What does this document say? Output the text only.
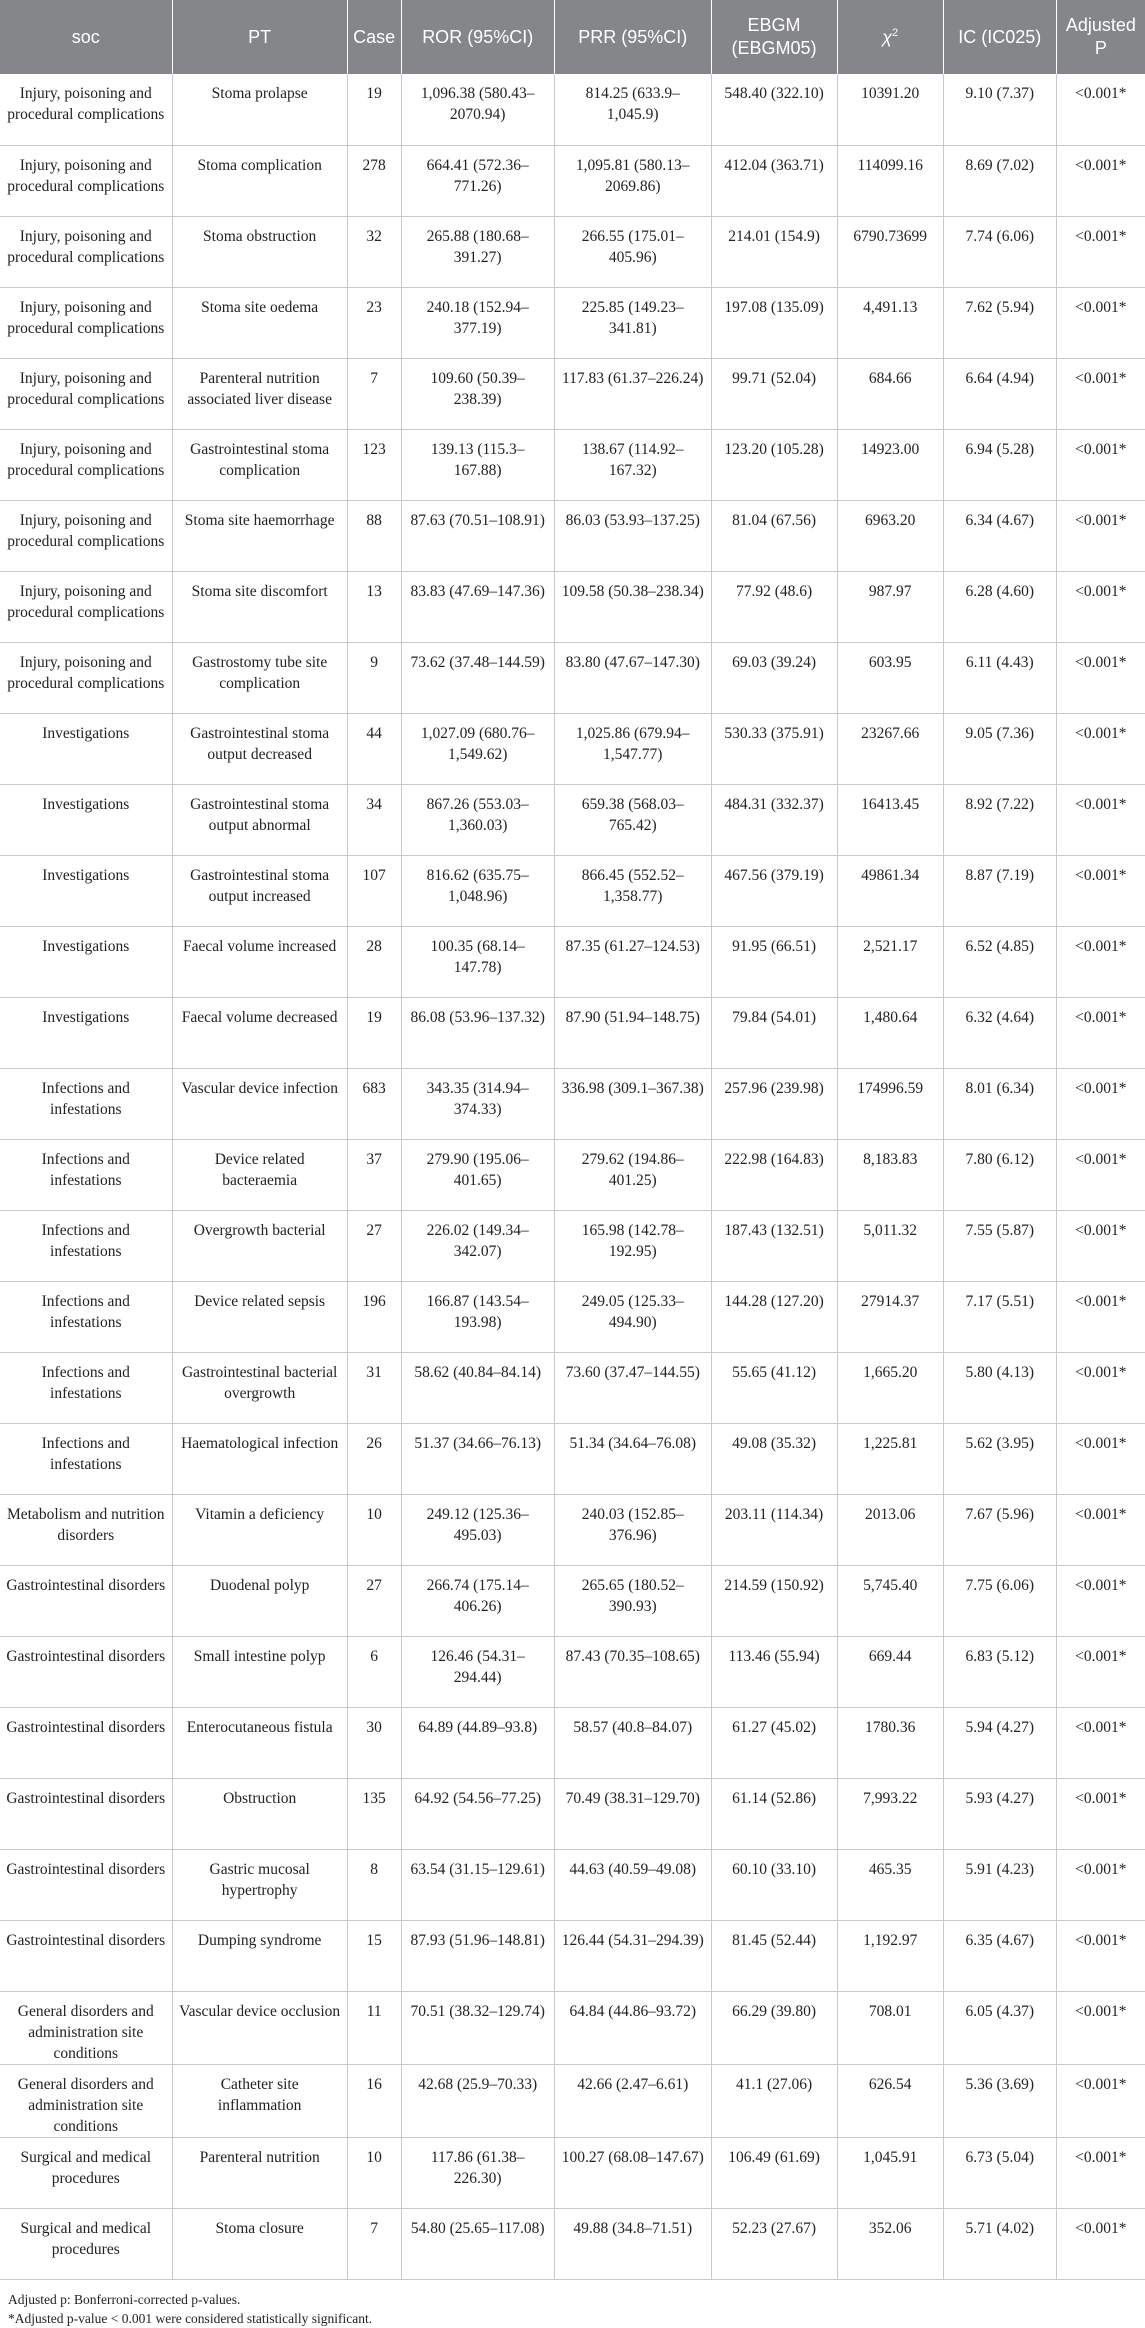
soc	PT	Case	ROR (95%CI)	PRR (95%CI)	EBGM (EBGM05)	$\chi^2$	IC (IC025)	Adjusted P
Injury, poisoning and procedural complications	Stoma prolapse	19	1,096.38 (580.43–2070.94)	814.25 (633.9–1,045.9)	548.40 (322.10)	10391.20	9.10 (7.37)	<0.001*
Injury, poisoning and procedural complications	Stoma complication	278	664.41 (572.36–771.26)	1,095.81 (580.13–2069.86)	412.04 (363.71)	114099.16	8.69 (7.02)	<0.001*
Injury, poisoning and procedural complications	Stoma obstruction	32	265.88 (180.68–391.27)	266.55 (175.01–405.96)	214.01 (154.9)	6790.73699	7.74 (6.06)	<0.001*
Injury, poisoning and procedural complications	Stoma site oedema	23	240.18 (152.94–377.19)	225.85 (149.23–341.81)	197.08 (135.09)	4,491.13	7.62 (5.94)	<0.001*
Injury, poisoning and procedural complications	Parenteral nutrition associated liver disease	7	109.60 (50.39–238.39)	117.83 (61.37–226.24)	99.71 (52.04)	684.66	6.64 (4.94)	<0.001*
Injury, poisoning and procedural complications	Gastrointestinal stoma complication	123	139.13 (115.3–167.88)	138.67 (114.92–167.32)	123.20 (105.28)	14923.00	6.94 (5.28)	<0.001*
Injury, poisoning and procedural complications	Stoma site haemorrhage	88	87.63 (70.51–108.91)	86.03 (53.93–137.25)	81.04 (67.56)	6963.20	6.34 (4.67)	<0.001*
Injury, poisoning and procedural complications	Stoma site discomfort	13	83.83 (47.69–147.36)	109.58 (50.38–238.34)	77.92 (48.6)	987.97	6.28 (4.60)	<0.001*
Injury, poisoning and procedural complications	Gastrostomy tube site complication	9	73.62 (37.48–144.59)	83.80 (47.67–147.30)	69.03 (39.24)	603.95	6.11 (4.43)	<0.001*
Investigations	Gastrointestinal stoma output decreased	44	1,027.09 (680.76–1,549.62)	1,025.86 (679.94–1,547.77)	530.33 (375.91)	23267.66	9.05 (7.36)	<0.001*
Investigations	Gastrointestinal stoma output abnormal	34	867.26 (553.03–1,360.03)	659.38 (568.03–765.42)	484.31 (332.37)	16413.45	8.92 (7.22)	<0.001*
Investigations	Gastrointestinal stoma output increased	107	816.62 (635.75–1,048.96)	866.45 (552.52–1,358.77)	467.56 (379.19)	49861.34	8.87 (7.19)	<0.001*
Investigations	Faecal volume increased	28	100.35 (68.14–147.78)	87.35 (61.27–124.53)	91.95 (66.51)	2,521.17	6.52 (4.85)	<0.001*
Investigations	Faecal volume decreased	19	86.08 (53.96–137.32)	87.90 (51.94–148.75)	79.84 (54.01)	1,480.64	6.32 (4.64)	<0.001*
Infections and infestations	Vascular device infection	683	343.35 (314.94–374.33)	336.98 (309.1–367.38)	257.96 (239.98)	174996.59	8.01 (6.34)	<0.001*
Infections and infestations	Device related bacteraemia	37	279.90 (195.06–401.65)	279.62 (194.86–401.25)	222.98 (164.83)	8,183.83	7.80 (6.12)	<0.001*
Infections and infestations	Overgrowth bacterial	27	226.02 (149.34–342.07)	165.98 (142.78–192.95)	187.43 (132.51)	5,011.32	7.55 (5.87)	<0.001*
Infections and infestations	Device related sepsis	196	166.87 (143.54–193.98)	249.05 (125.33–494.90)	144.28 (127.20)	27914.37	7.17 (5.51)	<0.001*
Infections and infestations	Gastrointestinal bacterial overgrowth	31	58.62 (40.84–84.14)	73.60 (37.47–144.55)	55.65 (41.12)	1,665.20	5.80 (4.13)	<0.001*
Infections and infestations	Haematological infection	26	51.37 (34.66–76.13)	51.34 (34.64–76.08)	49.08 (35.32)	1,225.81	5.62 (3.95)	<0.001*
Metabolism and nutrition disorders	Vitamin a deficiency	10	249.12 (125.36–495.03)	240.03 (152.85–376.96)	203.11 (114.34)	2013.06	7.67 (5.96)	<0.001*
Gastrointestinal disorders	Duodenal polyp	27	266.74 (175.14–406.26)	265.65 (180.52–390.93)	214.59 (150.92)	5,745.40	7.75 (6.06)	<0.001*
Gastrointestinal disorders	Small intestine polyp	6	126.46 (54.31–294.44)	87.43 (70.35–108.65)	113.46 (55.94)	669.44	6.83 (5.12)	<0.001*
Gastrointestinal disorders	Enterocutaneous fistula	30	64.89 (44.89–93.8)	58.57 (40.8–84.07)	61.27 (45.02)	1780.36	5.94 (4.27)	<0.001*
Gastrointestinal disorders	Obstruction	135	64.92 (54.56–77.25)	70.49 (38.31–129.70)	61.14 (52.86)	7,993.22	5.93 (4.27)	<0.001*
Gastrointestinal disorders	Gastric mucosal hypertrophy	8	63.54 (31.15–129.61)	44.63 (40.59–49.08)	60.10 (33.10)	465.35	5.91 (4.23)	<0.001*
Gastrointestinal disorders	Dumping syndrome	15	87.93 (51.96–148.81)	126.44 (54.31–294.39)	81.45 (52.44)	1,192.97	6.35 (4.67)	<0.001*
General disorders and administration site conditions	Vascular device occlusion	11	70.51 (38.32–129.74)	64.84 (44.86–93.72)	66.29 (39.80)	708.01	6.05 (4.37)	<0.001*
General disorders and administration site conditions	Catheter site inflammation	16	42.68 (25.9–70.33)	42.66 (2.47–6.61)	41.1 (27.06)	626.54	5.36 (3.69)	<0.001*
Surgical and medical procedures	Parenteral nutrition	10	117.86 (61.38–226.30)	100.27 (68.08–147.67)	106.49 (61.69)	1,045.91	6.73 (5.04)	<0.001*
Surgical and medical procedures	Stoma closure	7	54.80 (25.65–117.08)	49.88 (34.8–71.51)	52.23 (27.67)	352.06	5.71 (4.02)	<0.001*
Adjusted p: Bonferroni-corrected p-values.
*Adjusted p-value < 0.001 were considered statistically significant.
